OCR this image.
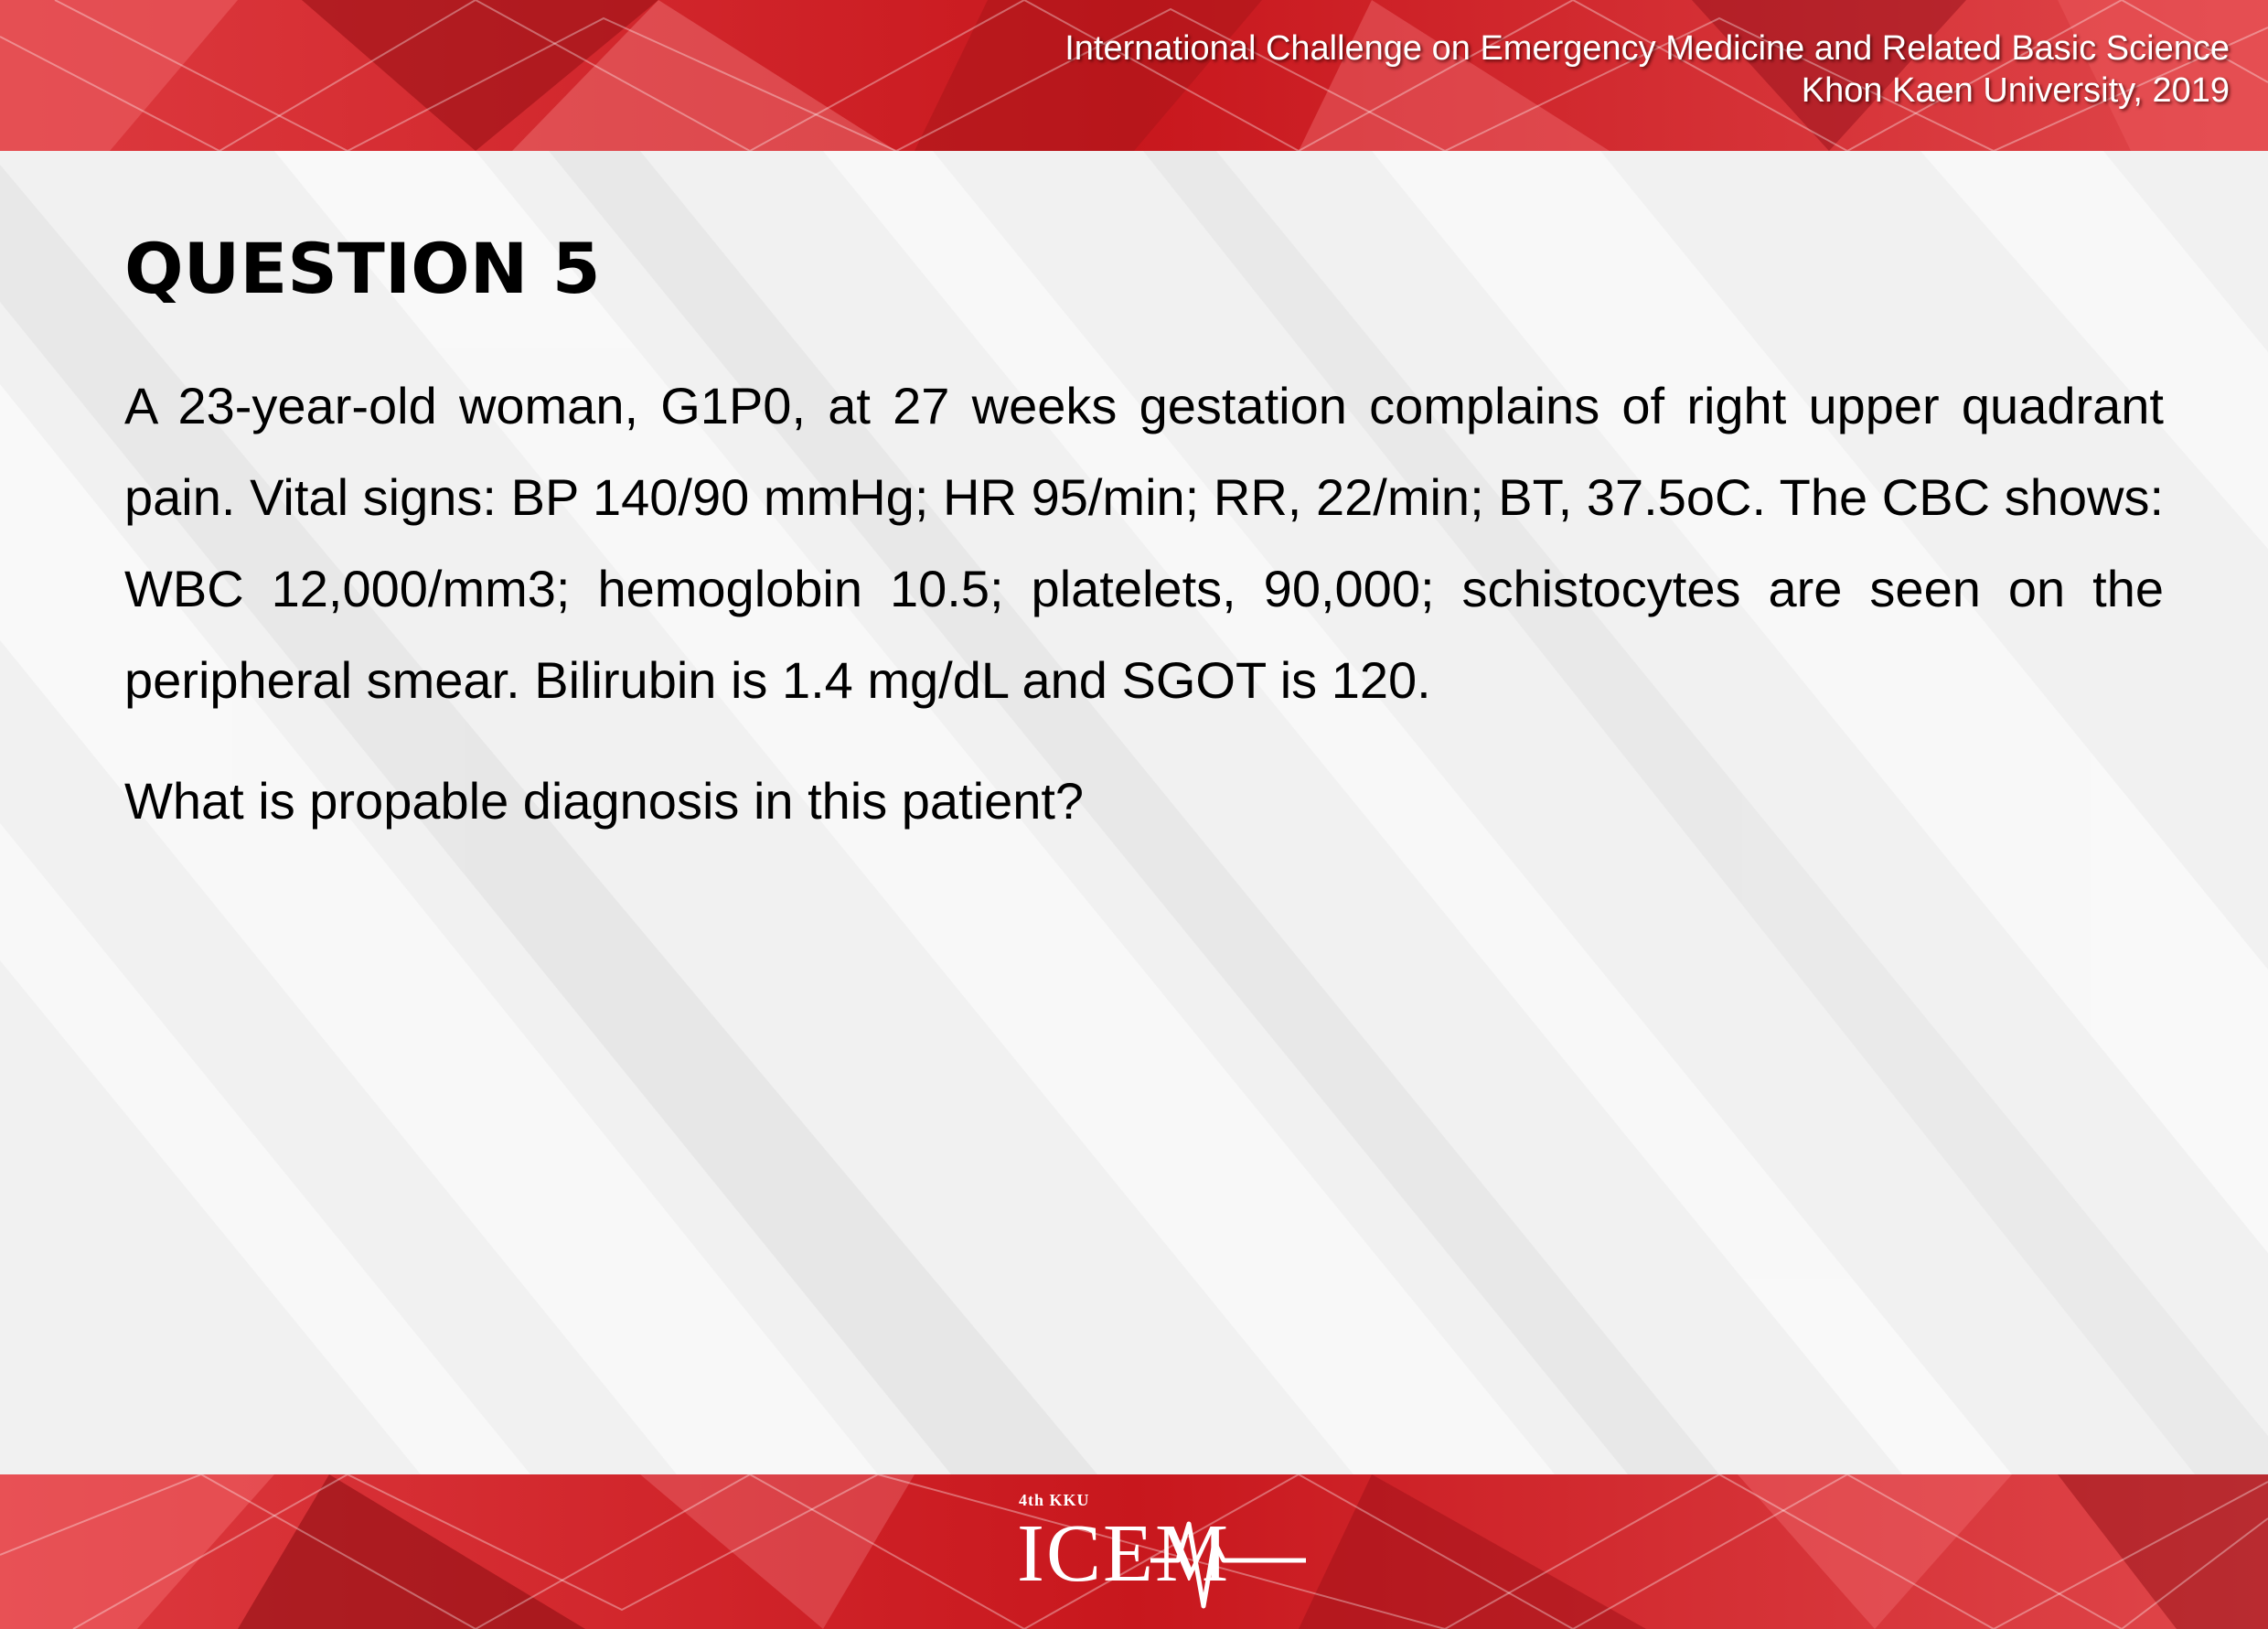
International Challenge on Emergency Medicine and Related Basic Science
Khon Kaen University, 2019
QUESTION 5

A 23-year-old woman, G1P0, at 27 weeks gestation complains of right upper quadrant pain. Vital signs: BP 140/90 mmHg; HR 95/min; RR, 22/min; BT, 37.5oC. The CBC shows: WBC 12,000/mm3; hemoglobin 10.5; platelets, 90,000; schistocytes are seen on the peripheral smear. Bilirubin is 1.4 mg/dL and SGOT is 120.

What is propable diagnosis in this patient?

4th KKU
ICEM
